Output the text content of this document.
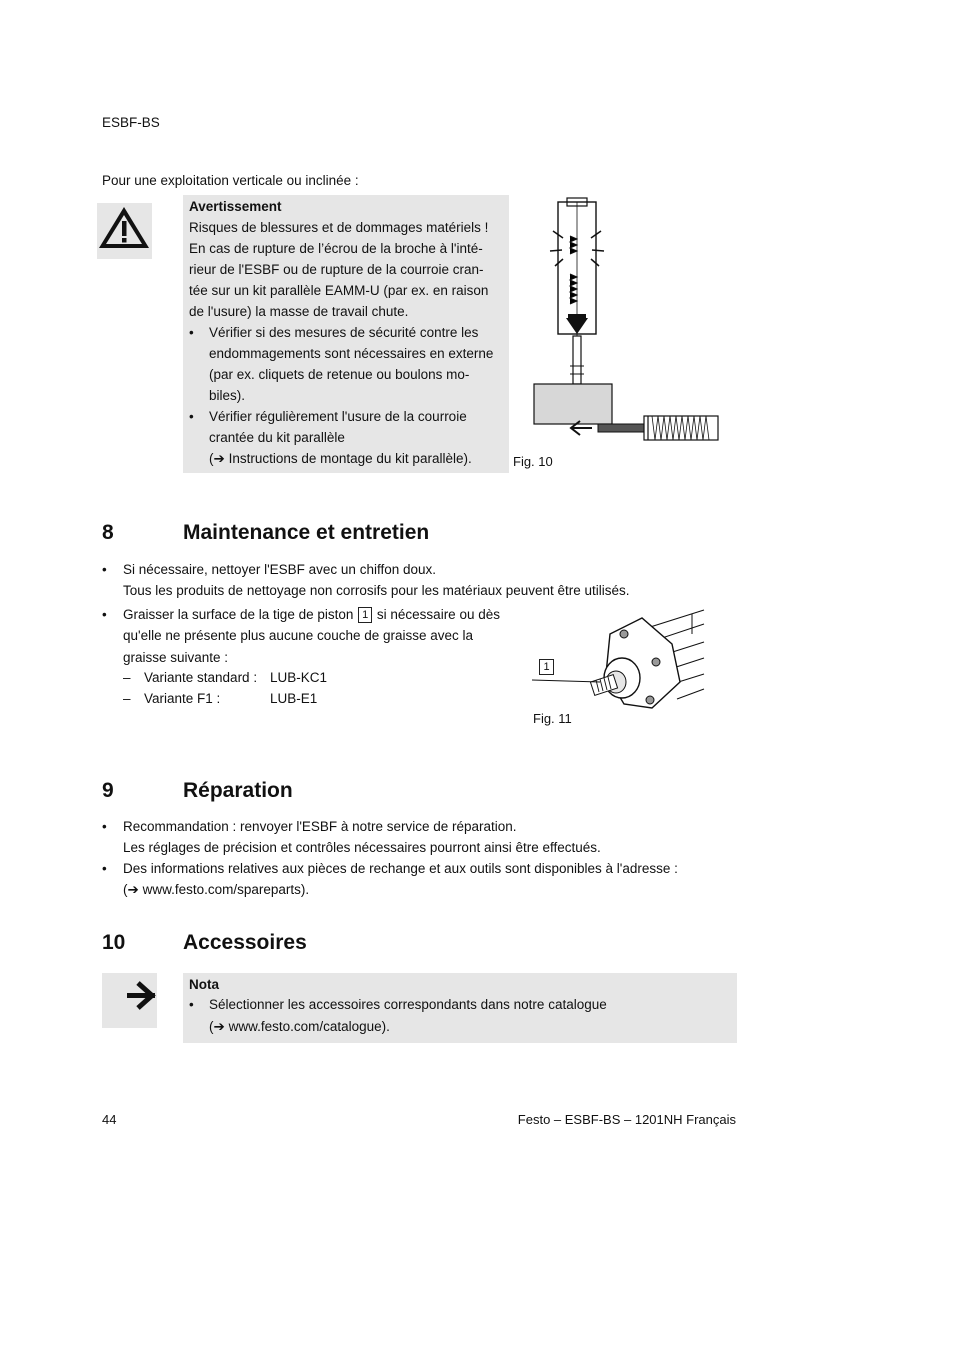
ESBF-BS
Pour une exploitation verticale ou inclinée :
Avertissement
Risques de blessures et de dommages matériels !
En cas de rupture de l’écrou de la broche à l'inté-
rieur de l'ESBF ou de rupture de la courroie cran-
tée sur un kit parallèle EAMM-U (par ex. en raison
de l'usure) la masse de travail chute.
• Vérifier si des mesures de sécurité contre les
endommagements sont nécessaires en externe
(par ex. cliquets de retenue ou boulons mo-
biles).
• Vérifier régulièrement l'usure de la courroie
crantée du kit parallèle
(➔ Instructions de montage du kit parallèle).	Fig. 10
8	Maintenance et entretien
• Si nécessaire, nettoyer l'ESBF avec un chiffon doux.
Tous les produits de nettoyage non corrosifs pour les matériaux peuvent être utilisés.
• Graisser la surface de la tige de piston 1 si nécessaire ou dès
qu'elle ne présente plus aucune couche de graisse avec la
graisse suivante :
– Variante standard : LUB-KC1
– Variante F1 :	LUB-E1
1
Fig. 11
9	Réparation
• Recommandation : renvoyer l'ESBF à notre service de réparation.
Les réglages de précision et contrôles nécessaires pourront ainsi être effectués.
• Des informations relatives aux pièces de rechange et aux outils sont disponibles à l'adresse :
(➔ www.festo.com/spareparts).
10	Accessoires
Nota
• Sélectionner les accessoires correspondants dans notre catalogue
(➔ www.festo.com/catalogue).
44	Festo – ESBF-BS – 1201NH Français
